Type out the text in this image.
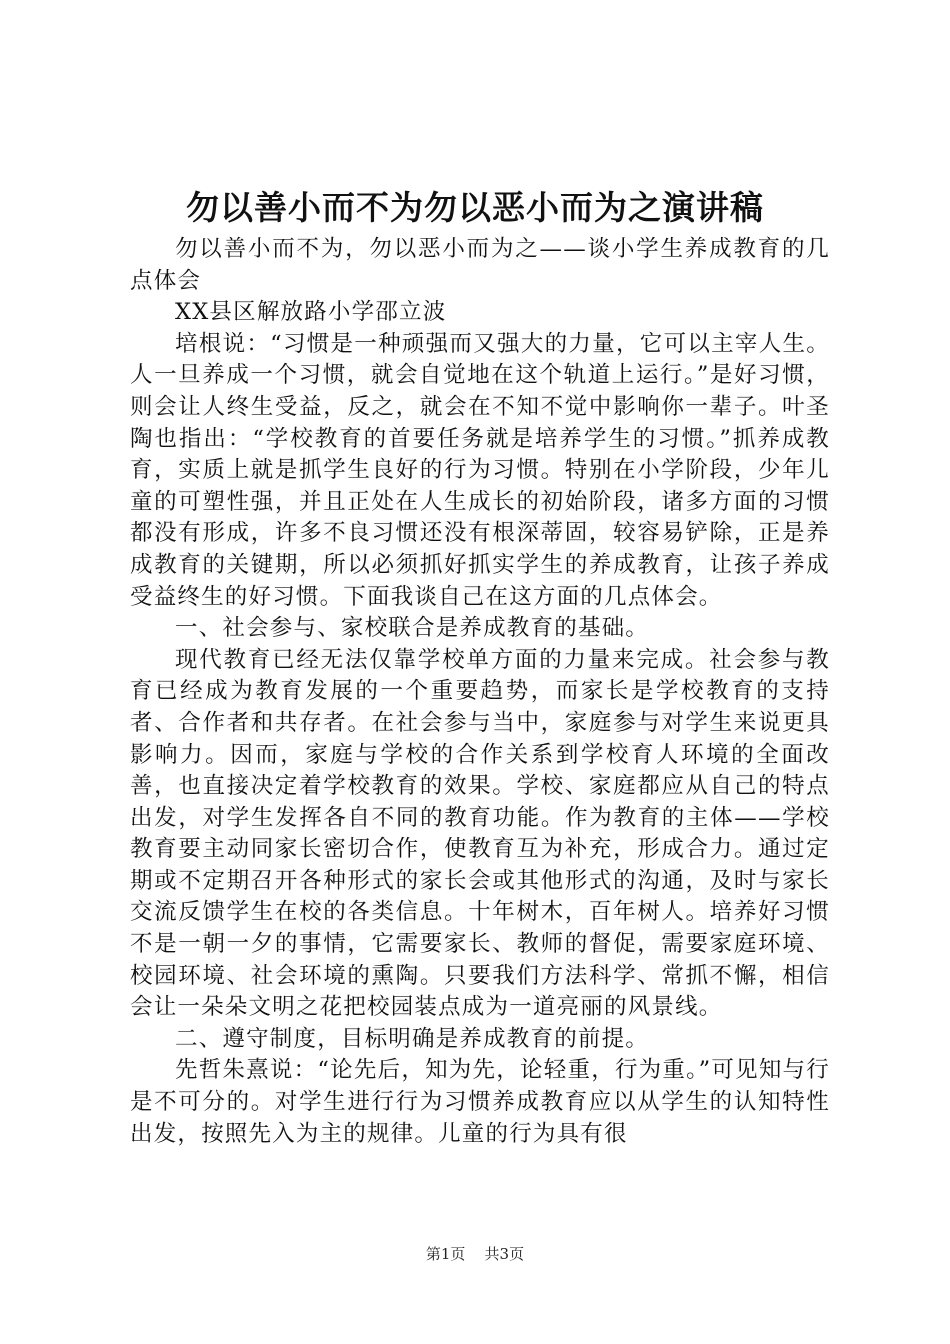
勿以善小而不为勿以恶小而为之演讲稿

勿以善小而不为，勿以恶小而为之——谈小学生养成教育的几点体会

XX县区解放路小学邵立波

培根说：“习惯是一种顽强而又强大的力量，它可以主宰人生。人一旦养成一个习惯，就会自觉地在这个轨道上运行。”是好习惯，则会让人终生受益，反之，就会在不知不觉中影响你一辈子。叶圣陶也指出：“学校教育的首要任务就是培养学生的习惯。”抓养成教育，实质上就是抓学生良好的行为习惯。特别在小学阶段，少年儿童的可塑性强，并且正处在人生成长的初始阶段，诸多方面的习惯都没有形成，许多不良习惯还没有根深蒂固，较容易铲除，正是养成教育的关键期，所以必须抓好抓实学生的养成教育，让孩子养成受益终生的好习惯。下面我谈自己在这方面的几点体会。

一、社会参与、家校联合是养成教育的基础。

现代教育已经无法仅靠学校单方面的力量来完成。社会参与教育已经成为教育发展的一个重要趋势，而家长是学校教育的支持者、合作者和共存者。在社会参与当中，家庭参与对学生来说更具影响力。因而，家庭与学校的合作关系到学校育人环境的全面改善，也直接决定着学校教育的效果。学校、家庭都应从自己的特点出发，对学生发挥各自不同的教育功能。作为教育的主体——学校教育要主动同家长密切合作，使教育互为补充，形成合力。通过定期或不定期召开各种形式的家长会或其他形式的沟通，及时与家长交流反馈学生在校的各类信息。十年树木，百年树人。培养好习惯不是一朝一夕的事情，它需要家长、教师的督促，需要家庭环境、校园环境、社会环境的熏陶。只要我们方法科学、常抓不懈，相信会让一朵朵文明之花把校园装点成为一道亮丽的风景线。

二、遵守制度，目标明确是养成教育的前提。

先哲朱熹说：“论先后，知为先，论轻重，行为重。”可见知与行是不可分的。对学生进行行为习惯养成教育应以从学生的认知特性出发，按照先入为主的规律。儿童的行为具有很

第1页 共3页
